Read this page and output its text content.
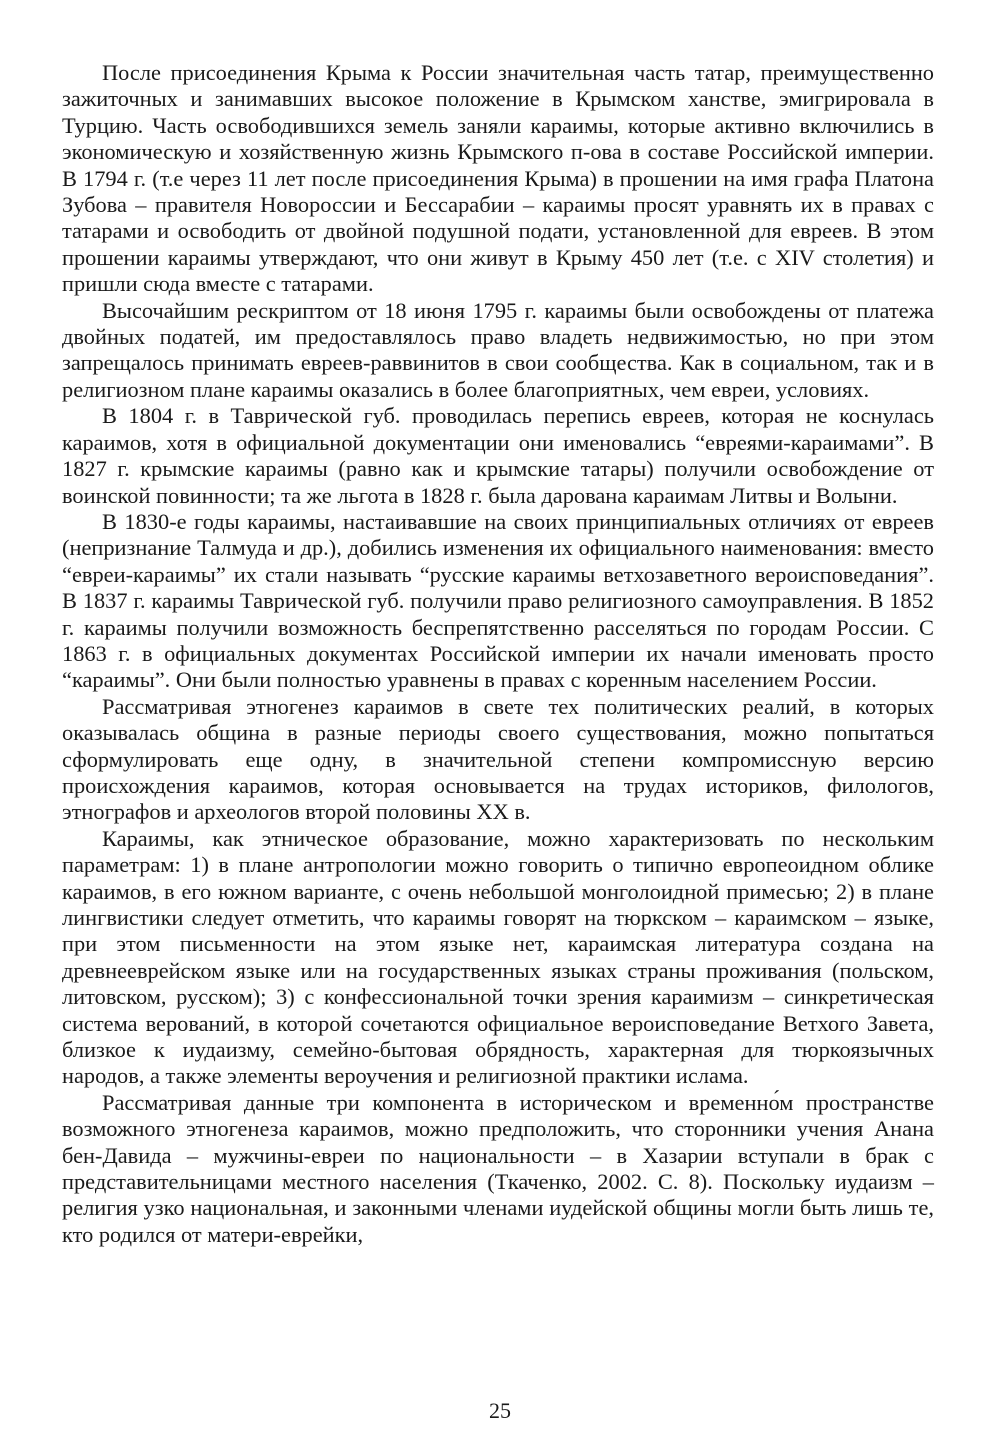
После присоединения Крыма к России значительная часть татар, преимущественно зажиточных и занимавших высокое положение в Крымском ханстве, эмигрировала в Турцию. Часть освободившихся земель заняли караимы, которые активно включились в экономическую и хозяйственную жизнь Крымского п-ова в составе Российской империи. В 1794 г. (т.е через 11 лет после присоединения Крыма) в прошении на имя графа Платона Зубова – правителя Новороссии и Бессарабии – караимы просят уравнять их в правах с татарами и освободить от двойной подушной подати, установленной для евреев. В этом прошении караимы утверждают, что они живут в Крыму 450 лет (т.е. с XIV столетия) и пришли сюда вместе с татарами.

Высочайшим рескриптом от 18 июня 1795 г. караимы были освобождены от платежа двойных податей, им предоставлялось право владеть недвижимостью, но при этом запрещалось принимать евреев-раввинитов в свои сообщества. Как в социальном, так и в религиозном плане караимы оказались в более благоприятных, чем евреи, условиях.

В 1804 г. в Таврической губ. проводилась перепись евреев, которая не коснулась караимов, хотя в официальной документации они именовались “евреями-караимами”. В 1827 г. крымские караимы (равно как и крымские татары) получили освобождение от воинской повинности; та же льгота в 1828 г. была дарована караимам Литвы и Волыни.

В 1830-е годы караимы, настаивавшие на своих принципиальных отличиях от евреев (непризнание Талмуда и др.), добились изменения их официального наименования: вместо “евреи-караимы” их стали называть “русские караимы ветхозаветного вероисповедания”. В 1837 г. караимы Таврической губ. получили право религиозного самоуправления. В 1852 г. караимы получили возможность беспрепятственно расселяться по городам России. С 1863 г. в официальных документах Российской империи их начали именовать просто “караимы”. Они были полностью уравнены в правах с коренным населением России.

Рассматривая этногенез караимов в свете тех политических реалий, в которых оказывалась община в разные периоды своего существования, можно попытаться сформулировать еще одну, в значительной степени компромиссную версию происхождения караимов, которая основывается на трудах историков, филологов, этнографов и археологов второй половины XX в.

Караимы, как этническое образование, можно характеризовать по нескольким параметрам: 1) в плане антропологии можно говорить о типично европеоидном облике караимов, в его южном варианте, с очень небольшой монголоидной примесью; 2) в плане лингвистики следует отметить, что караимы говорят на тюркском – караимском – языке, при этом письменности на этом языке нет, караимская литература создана на древнееврейском языке или на государственных языках страны проживания (польском, литовском, русском); 3) с конфессиональной точки зрения караимизм – синкретическая система верований, в которой сочетаются официальное вероисповедание Ветхого Завета, близкое к иудаизму, семейно-бытовая обрядность, характерная для тюркоязычных народов, а также элементы вероучения и религиозной практики ислама.

Рассматривая данные три компонента в историческом и временно́м пространстве возможного этногенеза караимов, можно предположить, что сторонники учения Анана бен-Давида – мужчины-евреи по национальности – в Хазарии вступали в брак с представительницами местного населения (Ткаченко, 2002. С. 8). Поскольку иудаизм – религия узко национальная, и законными членами иудейской общины могли быть лишь те, кто родился от матери-еврейки,

25
